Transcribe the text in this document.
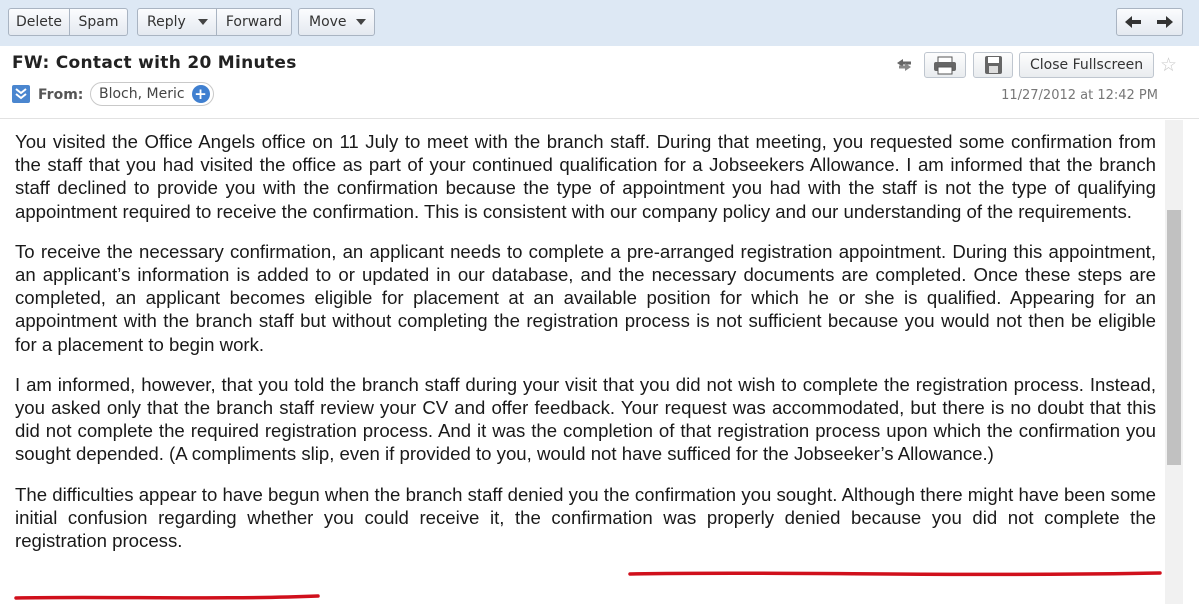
Delete	Spam	Reply	Forward	Move
FW: Contact with 20 Minutes
From:	Bloch, Meric +
Close Fullscreen ☆
11/27/2012 at 12:42 PM

You visited the Office Angels office on 11 July to meet with the branch staff. During that meeting, you requested some confirmation from the staff that you had visited the office as part of your continued qualification for a Jobseekers Allowance. I am informed that the branch staff declined to provide you with the confirmation because the type of appointment you had with the staff is not the type of qualifying appointment required to receive the confirmation. This is consistent with our company policy and our understanding of the requirements.

To receive the necessary confirmation, an applicant needs to complete a pre-arranged registration appointment. During this appointment, an applicant’s information is added to or updated in our database, and the necessary documents are completed. Once these steps are completed, an applicant becomes eligible for placement at an available position for which he or she is qualified. Appearing for an appointment with the branch staff but without completing the registration process is not sufficient because you would not then be eligible for a placement to begin work.

I am informed, however, that you told the branch staff during your visit that you did not wish to complete the registration process. Instead, you asked only that the branch staff review your CV and offer feedback. Your request was accommodated, but there is no doubt that this did not complete the required registration process. And it was the completion of that registration process upon which the confirmation you sought depended. (A compliments slip, even if provided to you, would not have sufficed for the Jobseeker’s Allowance.)

The difficulties appear to have begun when the branch staff denied you the confirmation you sought. Although there might have been some initial confusion regarding whether you could receive it, the confirmation was properly denied because you did not complete the registration process.
